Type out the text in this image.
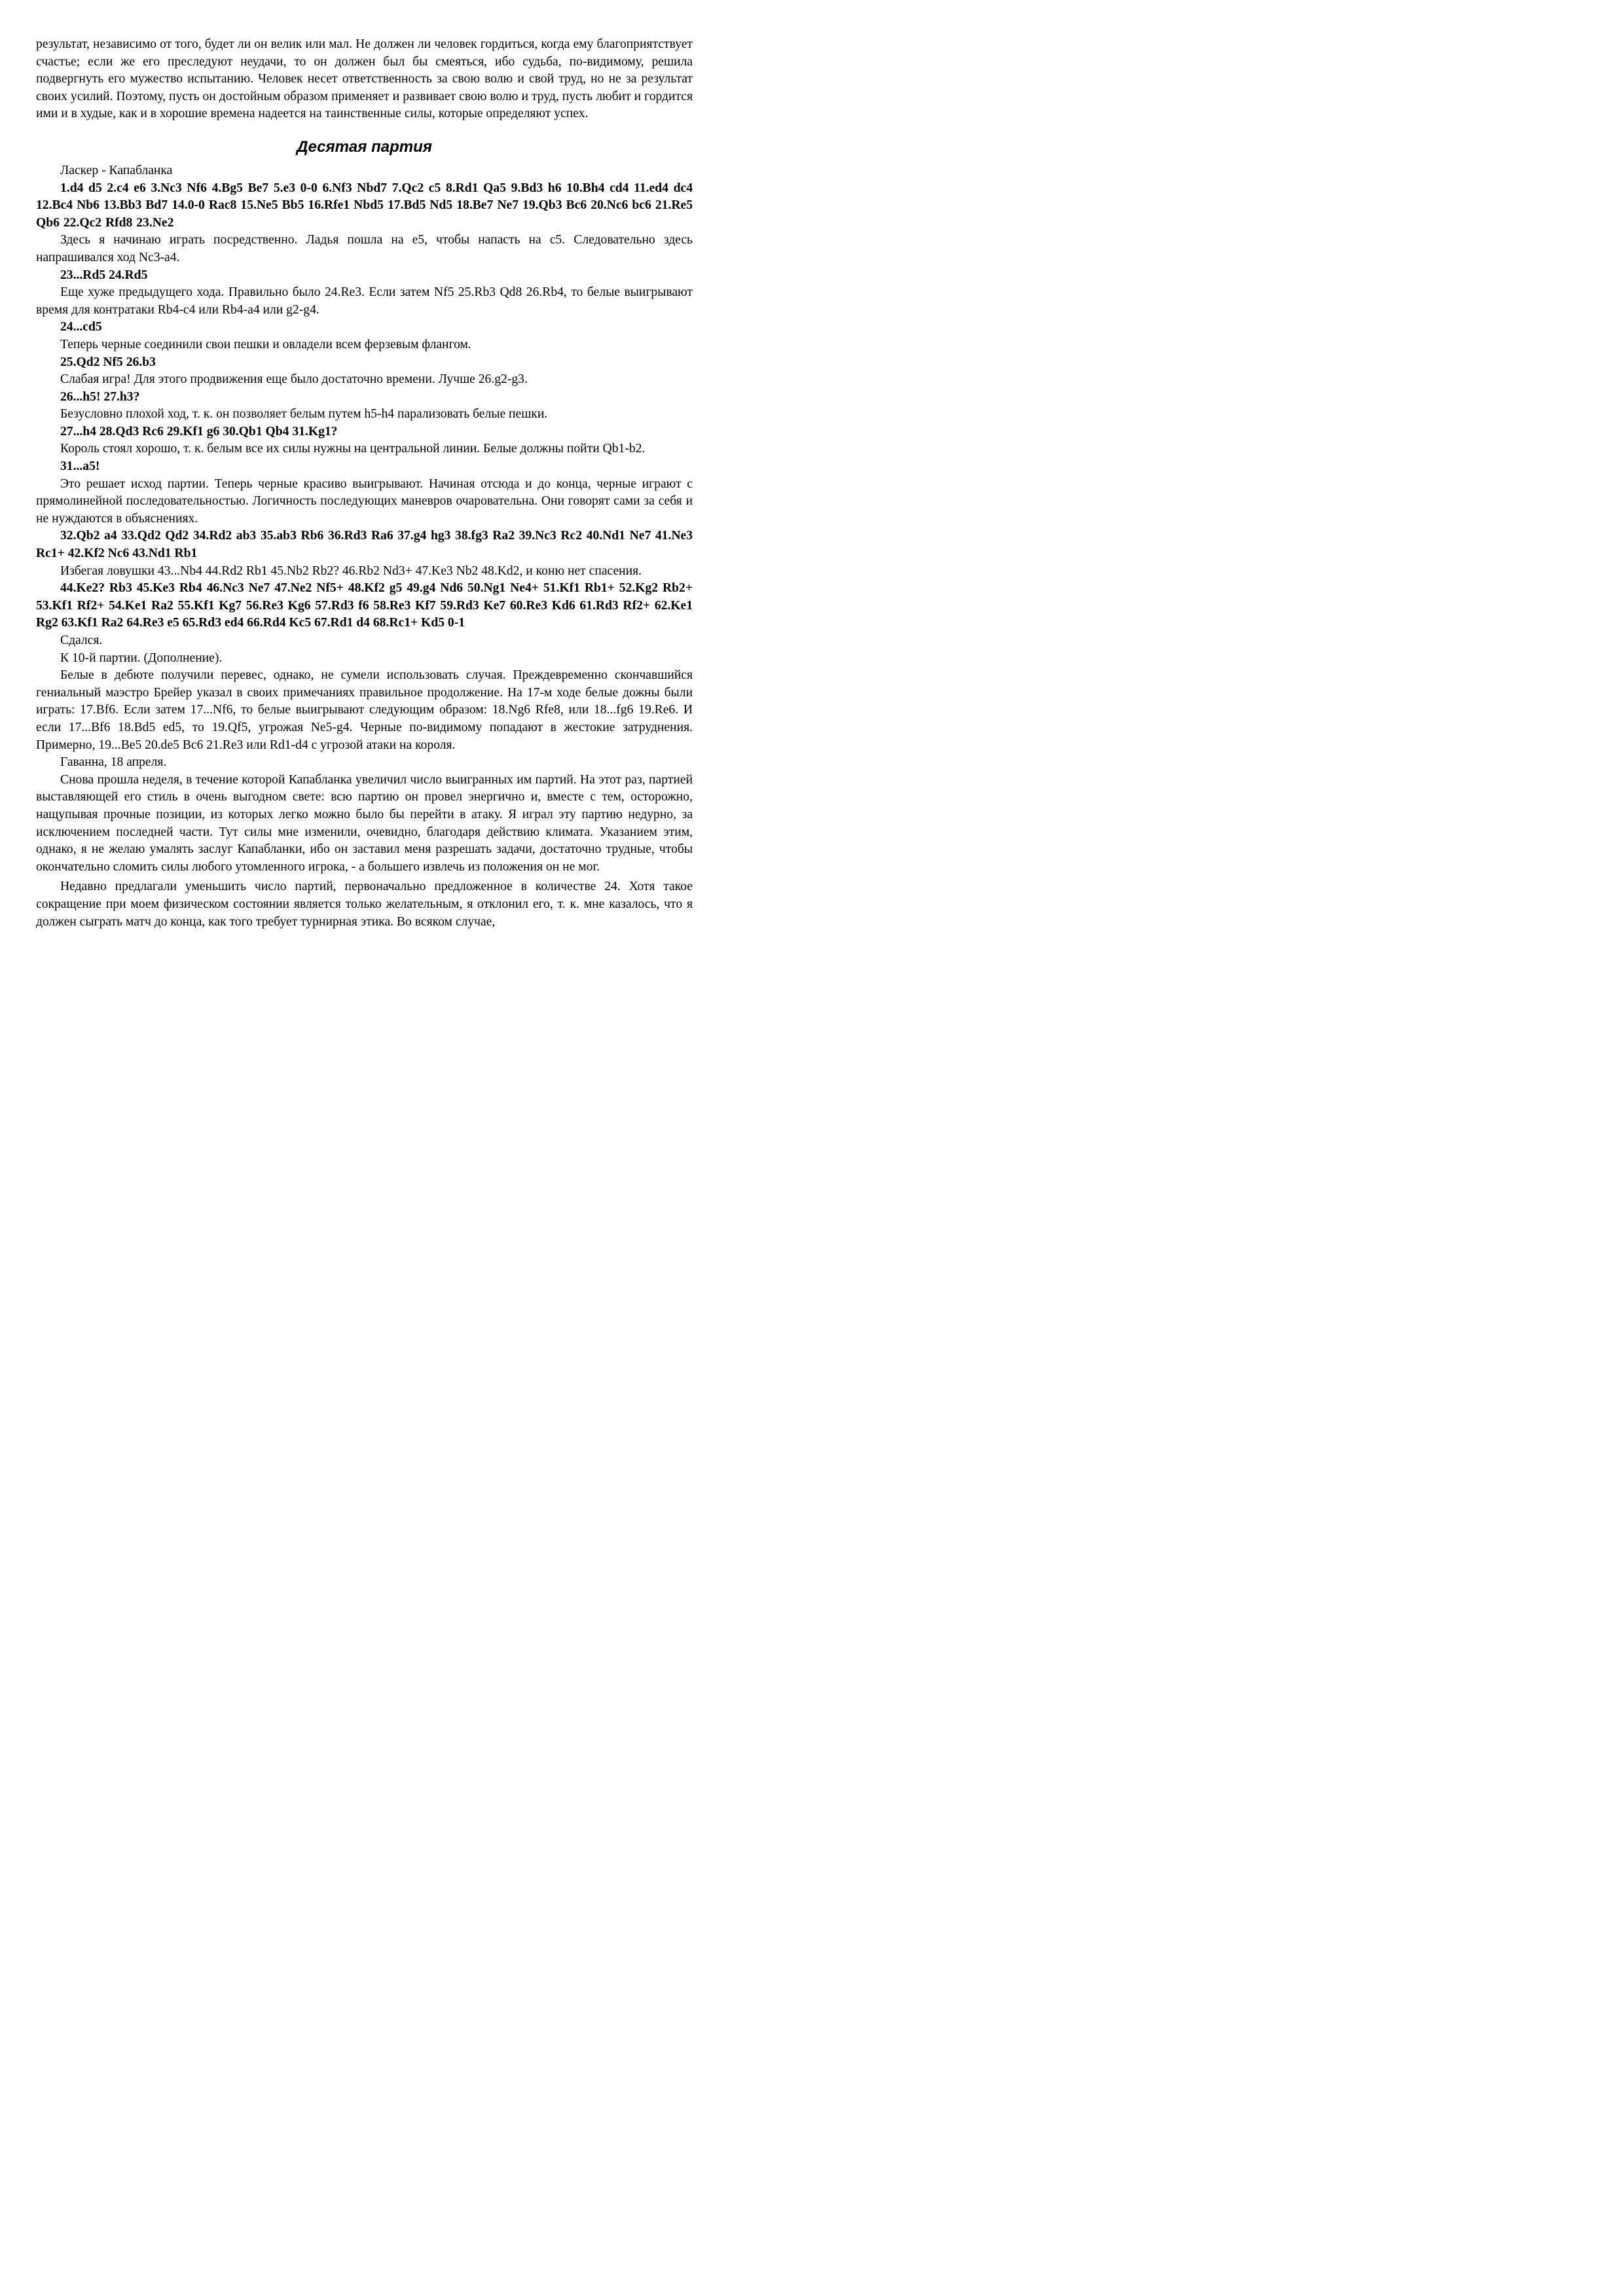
результат, независимо от того, будет ли он велик или мал. Не должен ли человек гордиться, когда ему благоприятствует счастье; если же его преследуют неудачи, то он должен был бы смеяться, ибо судьба, по-видимому, решила подвергнуть его мужество испытанию. Человек несет ответственность за свою волю и свой труд, но не за результат своих усилий. Поэтому, пусть он достойным образом применяет и развивает свою волю и труд, пусть любит и гордится ими и в худые, как и в хорошие времена надеется на таинственные силы, которые определяют успех.

Десятая партия

Ласкер - Капабланка

1.d4 d5 2.c4 e6 3.Nc3 Nf6 4.Bg5 Be7 5.e3 0-0 6.Nf3 Nbd7 7.Qc2 c5 8.Rd1 Qa5 9.Bd3 h6 10.Bh4 cd4 11.ed4 dc4 12.Bc4 Nb6 13.Bb3 Bd7 14.0-0 Rac8 15.Ne5 Bb5 16.Rfe1 Nbd5 17.Bd5 Nd5 18.Be7 Ne7 19.Qb3 Bc6 20.Nc6 bc6 21.Re5 Qb6 22.Qc2 Rfd8 23.Ne2

Здесь я начинаю играть посредственно. Ладья пошла на е5, чтобы напасть на с5. Следовательно здесь напрашивался ход Nc3-a4.

23...Rd5 24.Rd5

Еще хуже предыдущего хода. Правильно было 24.Re3. Если затем Nf5 25.Rb3 Qd8 26.Rb4, то белые выигрывают время для контратаки Rb4-c4 или Rb4-a4 или g2-g4.

24...cd5

Теперь черные соединили свои пешки и овладели всем ферзевым флангом.

25.Qd2 Nf5 26.b3

Слабая игра! Для этого продвижения еще было достаточно времени. Лучше 26.g2-g3.

26...h5! 27.h3?

Безусловно плохой ход, т. к. он позволяет белым путем h5-h4 парализовать белые пешки.

27...h4 28.Qd3 Rc6 29.Kf1 g6 30.Qb1 Qb4 31.Kg1?

Король стоял хорошо, т. к. белым все их силы нужны на центральной линии. Белые должны пойти Qb1-b2.

31...a5!

Это решает исход партии. Теперь черные красиво выигрывают. Начиная отсюда и до конца, черные играют с прямолинейной последовательностью. Логичность последующих маневров очаровательна. Они говорят сами за себя и не нуждаются в объяснениях.

32.Qb2 a4 33.Qd2 Qd2 34.Rd2 ab3 35.ab3 Rb6 36.Rd3 Ra6 37.g4 hg3 38.fg3 Ra2 39.Nc3 Rc2 40.Nd1 Ne7 41.Ne3 Rc1+ 42.Kf2 Nc6 43.Nd1 Rb1

Избегая ловушки 43...Nb4 44.Rd2 Rb1 45.Nb2 Rb2? 46.Rb2 Nd3+ 47.Ke3 Nb2 48.Kd2, и коню нет спасения.

44.Ke2? Rb3 45.Ke3 Rb4 46.Nc3 Ne7 47.Ne2 Nf5+ 48.Kf2 g5 49.g4 Nd6 50.Ng1 Ne4+ 51.Kf1 Rb1+ 52.Kg2 Rb2+ 53.Kf1 Rf2+ 54.Ke1 Ra2 55.Kf1 Kg7 56.Re3 Kg6 57.Rd3 f6 58.Re3 Kf7 59.Rd3 Ke7 60.Re3 Kd6 61.Rd3 Rf2+ 62.Ke1 Rg2 63.Kf1 Ra2 64.Re3 e5 65.Rd3 ed4 66.Rd4 Kc5 67.Rd1 d4 68.Rc1+ Kd5 0-1

Сдался.

К 10-й партии. (Дополнение).

Белые в дебюте получили перевес, однако, не сумели использовать случая. Преждевременно скончавшийся гениальный маэстро Брейер указал в своих примечаниях правильное продолжение. На 17-м ходе белые дожны были играть: 17.Bf6. Если затем 17...Nf6, то белые выигрывают следующим образом: 18.Ng6 Rfe8, или 18...fg6 19.Re6. И если 17...Bf6 18.Bd5 ed5, то 19.Qf5, угрожая Ne5-g4. Черные по-видимому попадают в жестокие затруднения. Примерно, 19...Be5 20.de5 Bc6 21.Re3 или Rd1-d4 с угрозой атаки на короля.

Гаванна, 18 апреля.

Снова прошла неделя, в течение которой Капабланка увеличил число выигранных им партий. На этот раз, партией выставляющей его стиль в очень выгодном свете: всю партию он провел энергично и, вместе с тем, осторожно, нащупывая прочные позиции, из которых легко можно было бы перейти в атаку. Я играл эту партию недурно, за исключением последней части. Тут силы мне изменили, очевидно, благодаря действию климата. Указанием этим, однако, я не желаю умалять заслуг Капабланки, ибо он заставил меня разрешать задачи, достаточно трудные, чтобы окончательно сломить силы любого утомленного игрока, - а большего извлечь из положения он не мог.

Недавно предлагали уменьшить число партий, первоначально предложенное в количестве 24. Хотя такое сокращение при моем физическом состоянии является только желательным, я отклонил его, т. к. мне казалось, что я должен сыграть матч до конца, как того требует турнирная этика. Во всяком случае,
